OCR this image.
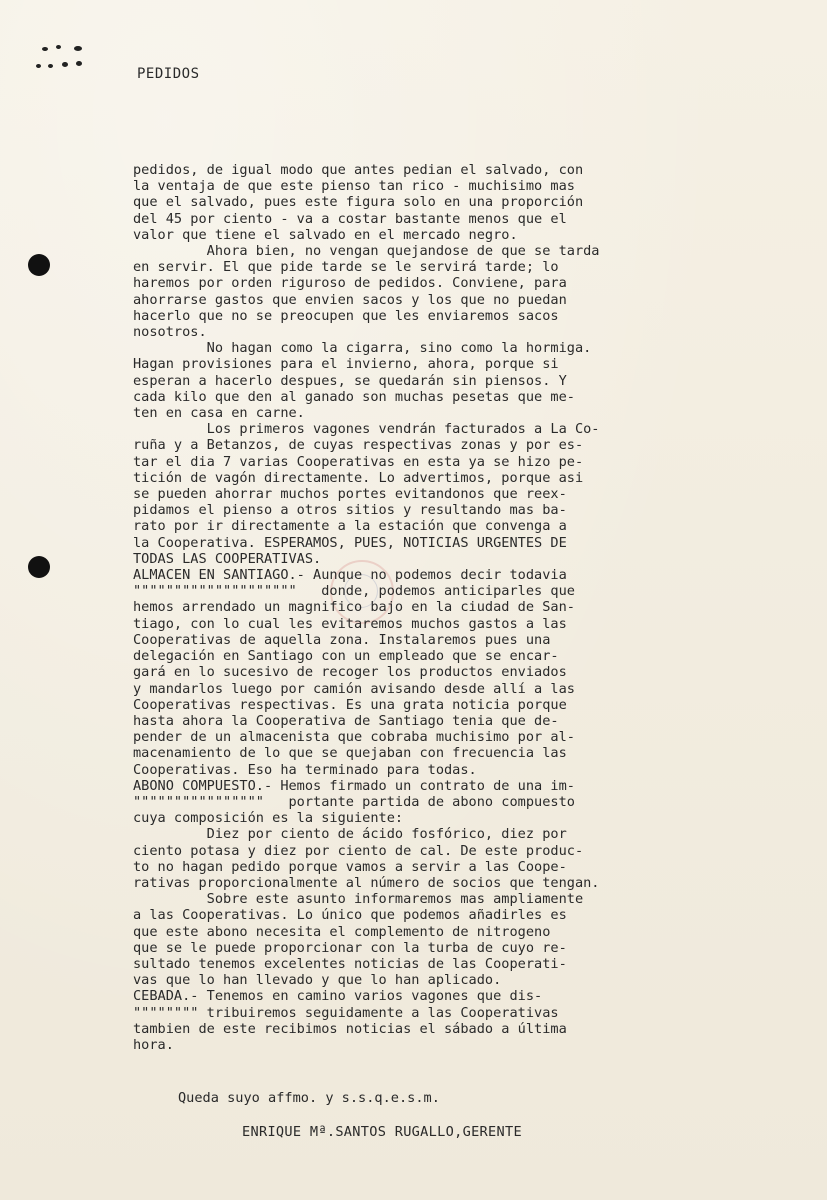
PEDIDOS
pedidos, de igual modo que antes pedian el salvado, con
la ventaja de que este pienso tan rico - muchisimo mas
que el salvado, pues este figura solo en una proporción
del 45 por ciento - va a costar bastante menos que el
valor que tiene el salvado en el mercado negro.
Ahora bien, no vengan quejandose de que se tarda
en servir. El que pide tarde se le servirá tarde; lo
haremos por orden riguroso de pedidos. Conviene, para
ahorrarse gastos que envien sacos y los que no puedan
hacerlo que no se preocupen que les enviaremos sacos
nosotros.
No hagan como la cigarra, sino como la hormiga.
Hagan provisiones para el invierno, ahora, porque si
esperan a hacerlo despues, se quedarán sin piensos. Y
cada kilo que den al ganado son muchas pesetas que me-
ten en casa en carne.
Los primeros vagones vendrán facturados a La Co-
ruña y a Betanzos, de cuyas respectivas zonas y por es-
tar el dia 7 varias Cooperativas en esta ya se hizo pe-
tición de vagón directamente. Lo advertimos, porque asi
se pueden ahorrar muchos portes evitandonos que reex-
pidamos el pienso a otros sitios y resultando mas ba-
rato por ir directamente a la estación que convenga a
la Cooperativa. ESPERAMOS, PUES, NOTICIAS URGENTES DE
TODAS LAS COOPERATIVAS.
ALMACEN EN SANTIAGO.- Aunque no podemos decir todavia
""""""""""""""""""""   donde, podemos anticiparles que
hemos arrendado un magnifico bajo en la ciudad de San-
tiago, con lo cual les evitaremos muchos gastos a las
Cooperativas de aquella zona. Instalaremos pues una
delegación en Santiago con un empleado que se encar-
gará en lo sucesivo de recoger los productos enviados
y mandarlos luego por camión avisando desde allí a las
Cooperativas respectivas. Es una grata noticia porque
hasta ahora la Cooperativa de Santiago tenia que de-
pender de un almacenista que cobraba muchisimo por al-
macenamiento de lo que se quejaban con frecuencia las
Cooperativas. Eso ha terminado para todas.
ABONO COMPUESTO.- Hemos firmado un contrato de una im-
""""""""""""""""   portante partida de abono compuesto
cuya composición es la siguiente:
Diez por ciento de ácido fosfórico, diez por
ciento potasa y diez por ciento de cal. De este produc-
to no hagan pedido porque vamos a servir a las Coope-
rativas proporcionalmente al número de socios que tengan.
Sobre este asunto informaremos mas ampliamente
a las Cooperativas. Lo único que podemos añadirles es
que este abono necesita el complemento de nitrogeno
que se le puede proporcionar con la turba de cuyo re-
sultado tenemos excelentes noticias de las Cooperati-
vas que lo han llevado y que lo han aplicado.
CEBADA.- Tenemos en camino varios vagones que dis-
"""""""" tribuiremos seguidamente a las Cooperativas
tambien de este recibimos noticias el sábado a última
hora.
Queda suyo affmo. y s.s.q.e.s.m.
ENRIQUE Mª.SANTOS RUGALLO,GERENTE
